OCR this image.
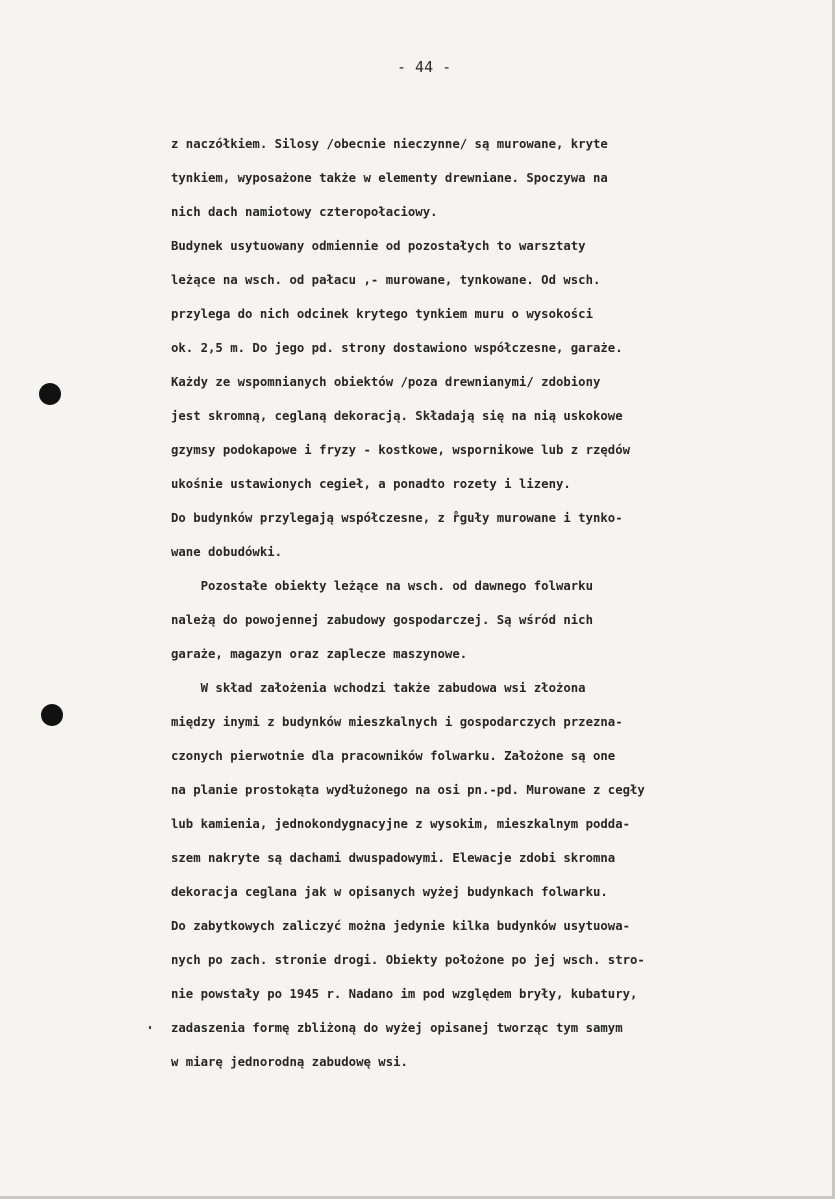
- 44 -
z naczółkiem. Silosy /obecnie nieczynne/ są murowane, kryte
tynkiem, wyposażone także w elementy drewniane. Spoczywa na
nich dach namiotowy czteropołaciowy.
Budynek usytuowany odmiennie od pozostałych to warsztaty
leżące na wsch. od pałacu ,- murowane, tynkowane. Od wsch.
przylega do nich odcinek krytego tynkiem muru o wysokości
ok. 2,5 m. Do jego pd. strony dostawiono współczesne, garaże.
Każdy ze wspomnianych obiektów /poza drewnianymi/ zdobiony
jest skromną, ceglaną dekoracją. Składają się na nią uskokowe
gzymsy podokapowe i fryzy - kostkowe, wspornikowe lub z rzędów
ukośnie ustawionych cegieł, a ponadto rozety i lizeny.
Do budynków przylegają współczesne, z r̊guły murowane i tynko-
wane dobudówki.
Pozostałe obiekty leżące na wsch. od dawnego folwarku
należą do powojennej zabudowy gospodarczej. Są wśród nich
garaże, magazyn oraz zaplecze maszynowe.
W skład założenia wchodzi także zabudowa wsi złożona
między inymi z budynków mieszkalnych i gospodarczych przezna-
czonych pierwotnie dla pracowników folwarku. Założone są one
na planie prostokąta wydłużonego na osi pn.-pd. Murowane z cegły
lub kamienia, jednokondygnacyjne z wysokim, mieszkalnym podda-
szem nakryte są dachami dwuspadowymi. Elewacje zdobi skromna
dekoracja ceglana jak w opisanych wyżej budynkach folwarku.
Do zabytkowych zaliczyć można jedynie kilka budynków usytuowa-
nych po zach. stronie drogi. Obiekty położone po jej wsch. stro-
nie powstały po 1945 r. Nadano im pod względem bryły, kubatury,
zadaszenia formę zbliżoną do wyżej opisanej tworząc tym samym
w miarę jednorodną zabudowę wsi.
